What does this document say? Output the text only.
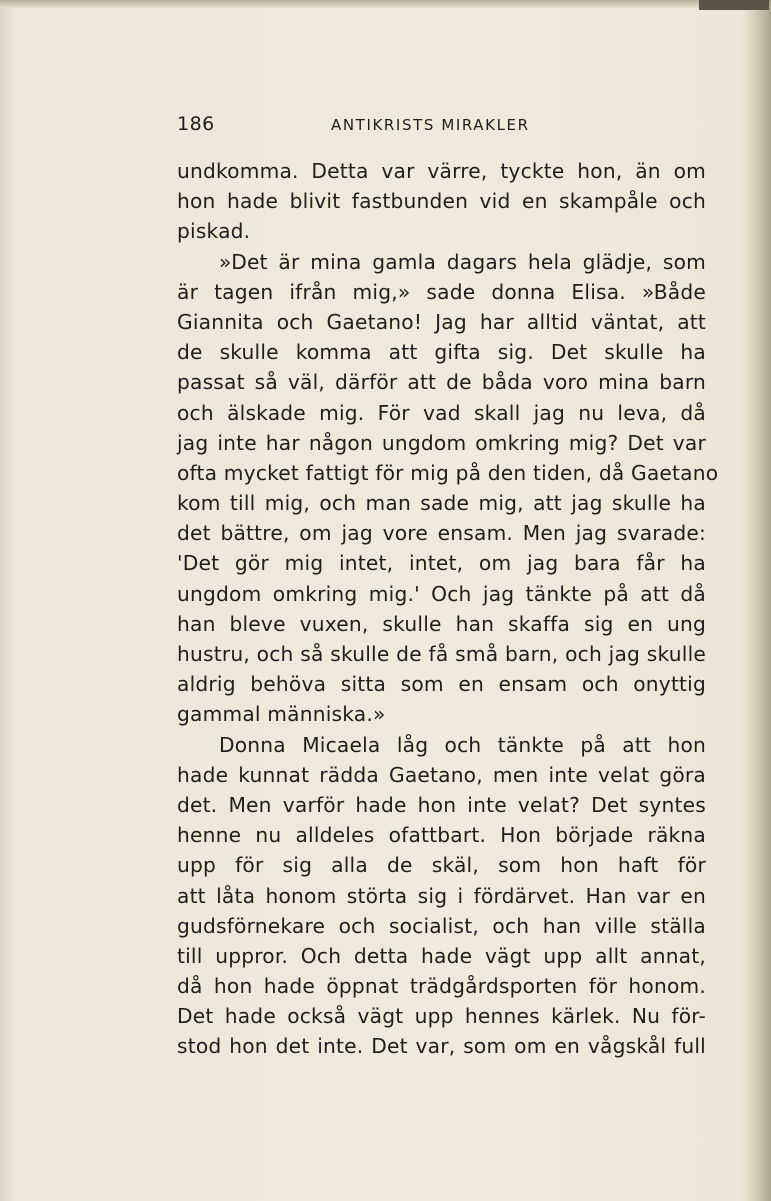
186	ANTIKRISTS MIRAKLER
undkomma. Detta var värre, tyckte hon, än om
hon hade blivit fastbunden vid en skampåle och
piskad.
»Det är mina gamla dagars hela glädje, som
är tagen ifrån mig,» sade donna Elisa. »Både
Giannita och Gaetano! Jag har alltid väntat, att
de skulle komma att gifta sig. Det skulle ha
passat så väl, därför att de båda voro mina barn
och älskade mig. För vad skall jag nu leva, då
jag inte har någon ungdom omkring mig? Det var
ofta mycket fattigt för mig på den tiden, då Gaetano
kom till mig, och man sade mig, att jag skulle ha
det bättre, om jag vore ensam. Men jag svarade:
'Det gör mig intet, intet, om jag bara får ha
ungdom omkring mig.' Och jag tänkte på att då
han bleve vuxen, skulle han skaffa sig en ung
hustru, och så skulle de få små barn, och jag skulle
aldrig behöva sitta som en ensam och onyttig
gammal människa.»
Donna Micaela låg och tänkte på att hon
hade kunnat rädda Gaetano, men inte velat göra
det. Men varför hade hon inte velat? Det syntes
henne nu alldeles ofattbart. Hon började räkna
upp för sig alla de skäl, som hon haft för
att låta honom störta sig i fördärvet. Han var en
gudsförnekare och socialist, och han ville ställa
till uppror. Och detta hade vägt upp allt annat,
då hon hade öppnat trädgårdsporten för honom.
Det hade också vägt upp hennes kärlek. Nu för-
stod hon det inte. Det var, som om en vågskål full
